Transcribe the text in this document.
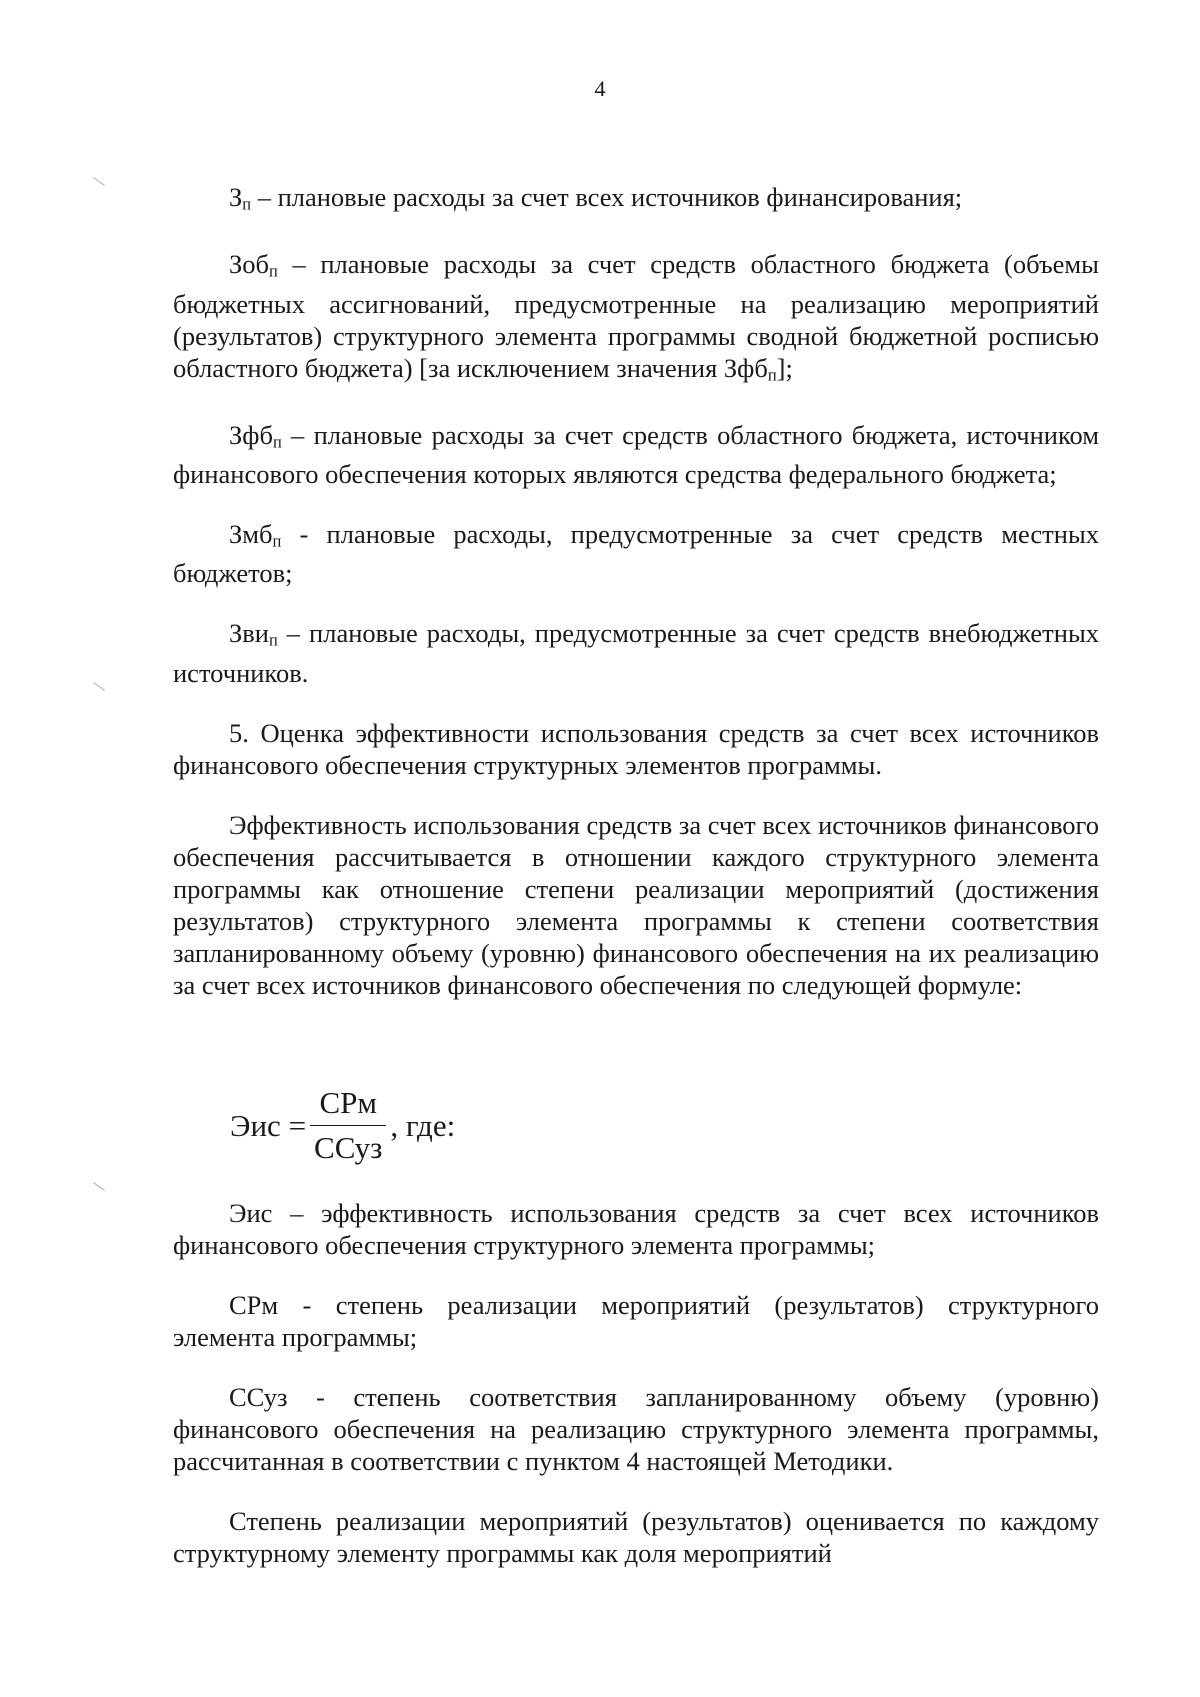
4

$З_п$ – плановые расходы за счет всех источников финансирования;

Зоб$_п$ – плановые расходы за счет средств областного бюджета (объемы бюджетных ассигнований, предусмотренные на реализацию мероприятий (результатов) структурного элемента программы сводной бюджетной росписью областного бюджета) [за исключением значения Зфб$_п$];

Зфб$_п$ – плановые расходы за счет средств областного бюджета, источником финансового обеспечения которых являются средства федерального бюджета;

Змб$_п$ - плановые расходы, предусмотренные за счет средств местных бюджетов;

Зви$_п$ – плановые расходы, предусмотренные за счет средств внебюджетных источников.

5. Оценка эффективности использования средств за счет всех источников финансового обеспечения структурных элементов программы.

Эффективность использования средств за счет всех источников финансового обеспечения рассчитывается в отношении каждого структурного элемента программы как отношение степени реализации мероприятий (достижения результатов) структурного элемента программы к степени соответствия запланированному объему (уровню) финансового обеспечения на их реализацию за счет всех источников финансового обеспечения по следующей формуле:

Эис = $\frac{\text{СРм}}{\text{ССуз}}$ , где:

Эис – эффективность использования средств за счет всех источников финансового обеспечения структурного элемента программы;

СРм - степень реализации мероприятий (результатов) структурного элемента программы;

ССуз - степень соответствия запланированному объему (уровню) финансового обеспечения на реализацию структурного элемента программы, рассчитанная в соответствии с пунктом 4 настоящей Методики.

Степень реализации мероприятий (результатов) оценивается по каждому структурному элементу программы как доля мероприятий
